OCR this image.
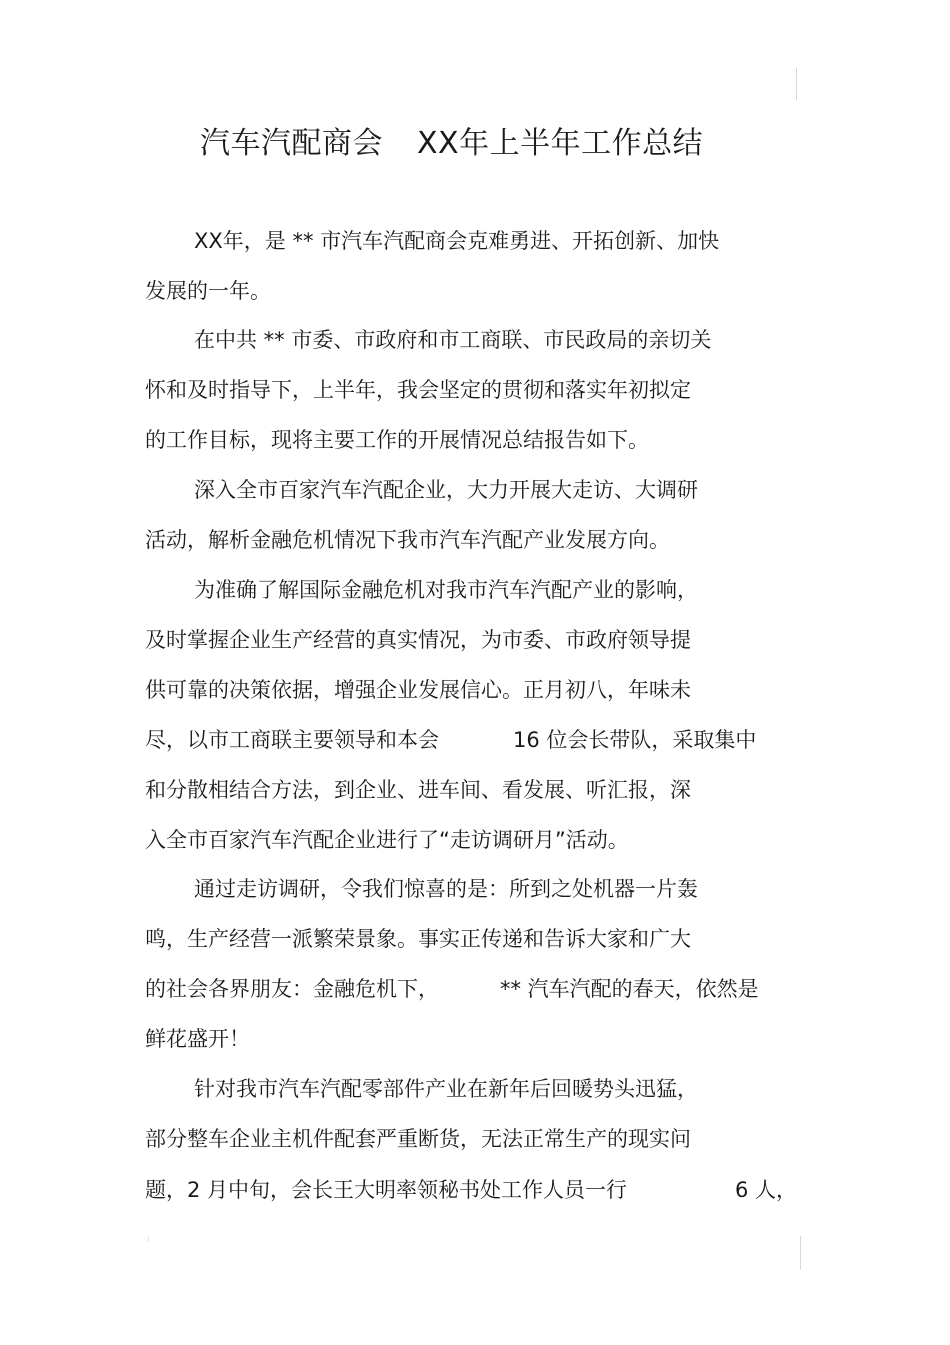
汽车汽配商会 XX年上半年工作总结
XX年，是 ** 市汽车汽配商会克难勇进、开拓创新、加快
发展的一年。
在中共 ** 市委、市政府和市工商联、市民政局的亲切关
怀和及时指导下，上半年，我会坚定的贯彻和落实年初拟定
的工作目标，现将主要工作的开展情况总结报告如下。
深入全市百家汽车汽配企业，大力开展大走访、大调研
活动，解析金融危机情况下我市汽车汽配产业发展方向。
为准确了解国际金融危机对我市汽车汽配产业的影响，
及时掌握企业生产经营的真实情况，为市委、市政府领导提
供可靠的决策依据，增强企业发展信心。正月初八，年味未
尽，以市工商联主要领导和本会	16 位会长带队，采取集中
和分散相结合方法，到企业、进车间、看发展、听汇报，深
入全市百家汽车汽配企业进行了“走访调研月”活动。
通过走访调研，令我们惊喜的是：所到之处机器一片轰
鸣，生产经营一派繁荣景象。事实正传递和告诉大家和广大
的社会各界朋友：金融危机下，	** 汽车汽配的春天，依然是
鲜花盛开！
针对我市汽车汽配零部件产业在新年后回暖势头迅猛，
部分整车企业主机件配套严重断货，无法正常生产的现实问
题，2 月中旬，会长王大明率领秘书处工作人员一行	6 人，
